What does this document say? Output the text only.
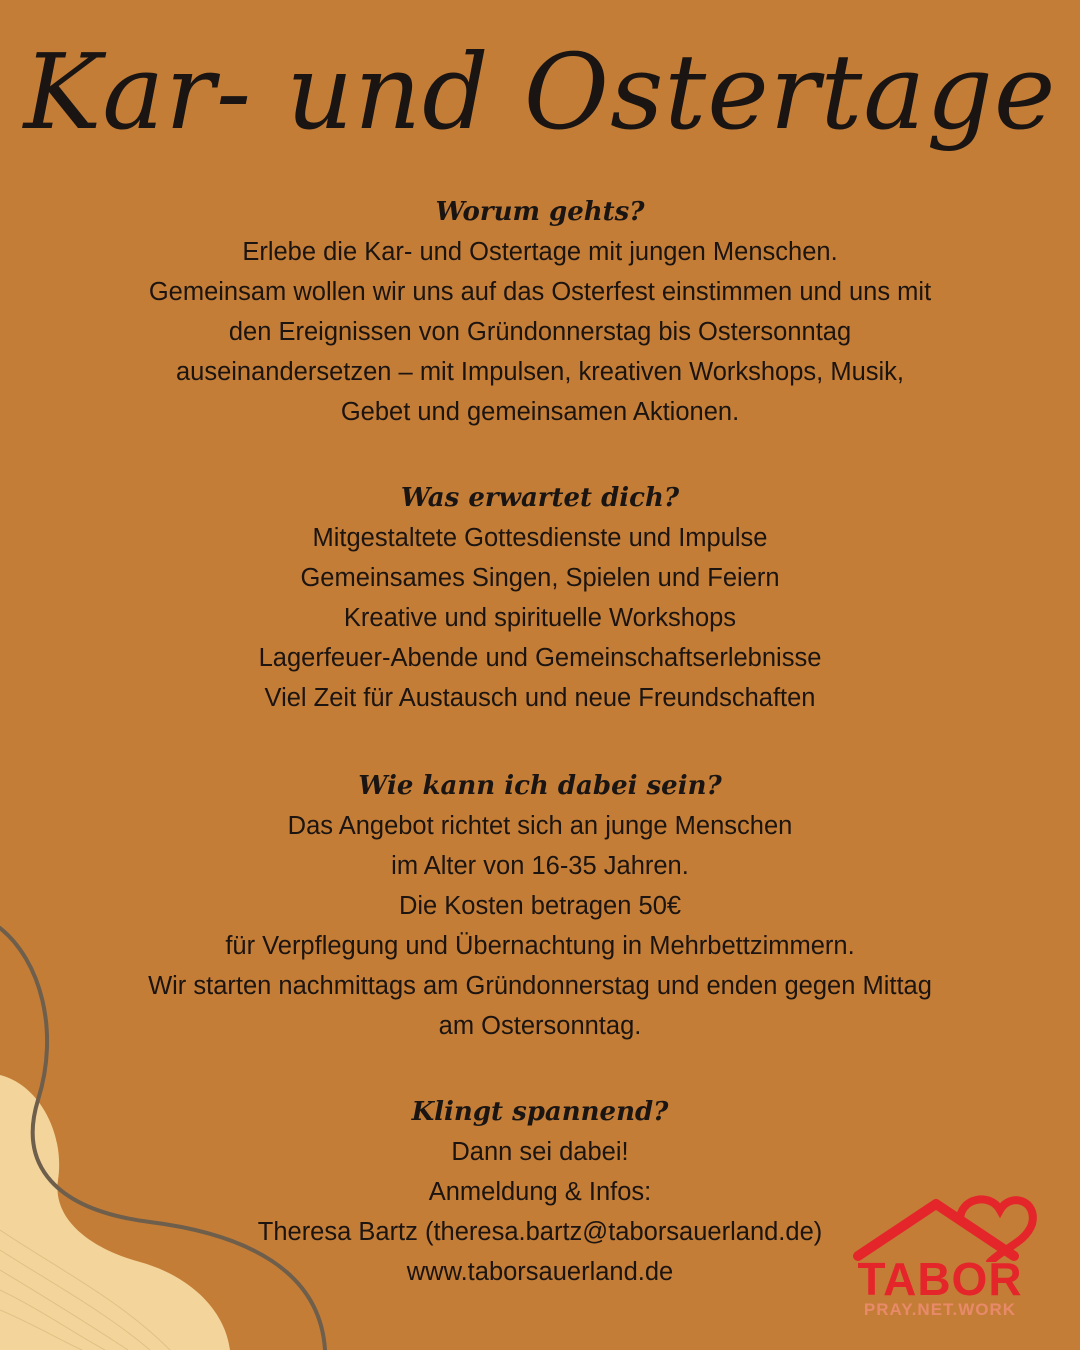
Kar- und Ostertage
Worum gehts?
Erlebe die Kar- und Ostertage mit jungen Menschen.
Gemeinsam wollen wir uns auf das Osterfest einstimmen und uns mit
den Ereignissen von Gründonnerstag bis Ostersonntag
auseinandersetzen – mit Impulsen, kreativen Workshops, Musik,
Gebet und gemeinsamen Aktionen.
Was erwartet dich?
Mitgestaltete Gottesdienste und Impulse
Gemeinsames Singen, Spielen und Feiern
Kreative und spirituelle Workshops
Lagerfeuer-Abende und Gemeinschaftserlebnisse
Viel Zeit für Austausch und neue Freundschaften
Wie kann ich dabei sein?
Das Angebot richtet sich an junge Menschen
im Alter von 16-35 Jahren.
Die Kosten betragen 50€
für Verpflegung und Übernachtung in Mehrbettzimmern.
Wir starten nachmittags am Gründonnerstag und enden gegen Mittag
am Ostersonntag.
Klingt spannend?
Dann sei dabei!
Anmeldung & Infos:
Theresa Bartz (theresa.bartz@taborsauerland.de)
www.taborsauerland.de	TABOR
PRAY.NET.WORK
